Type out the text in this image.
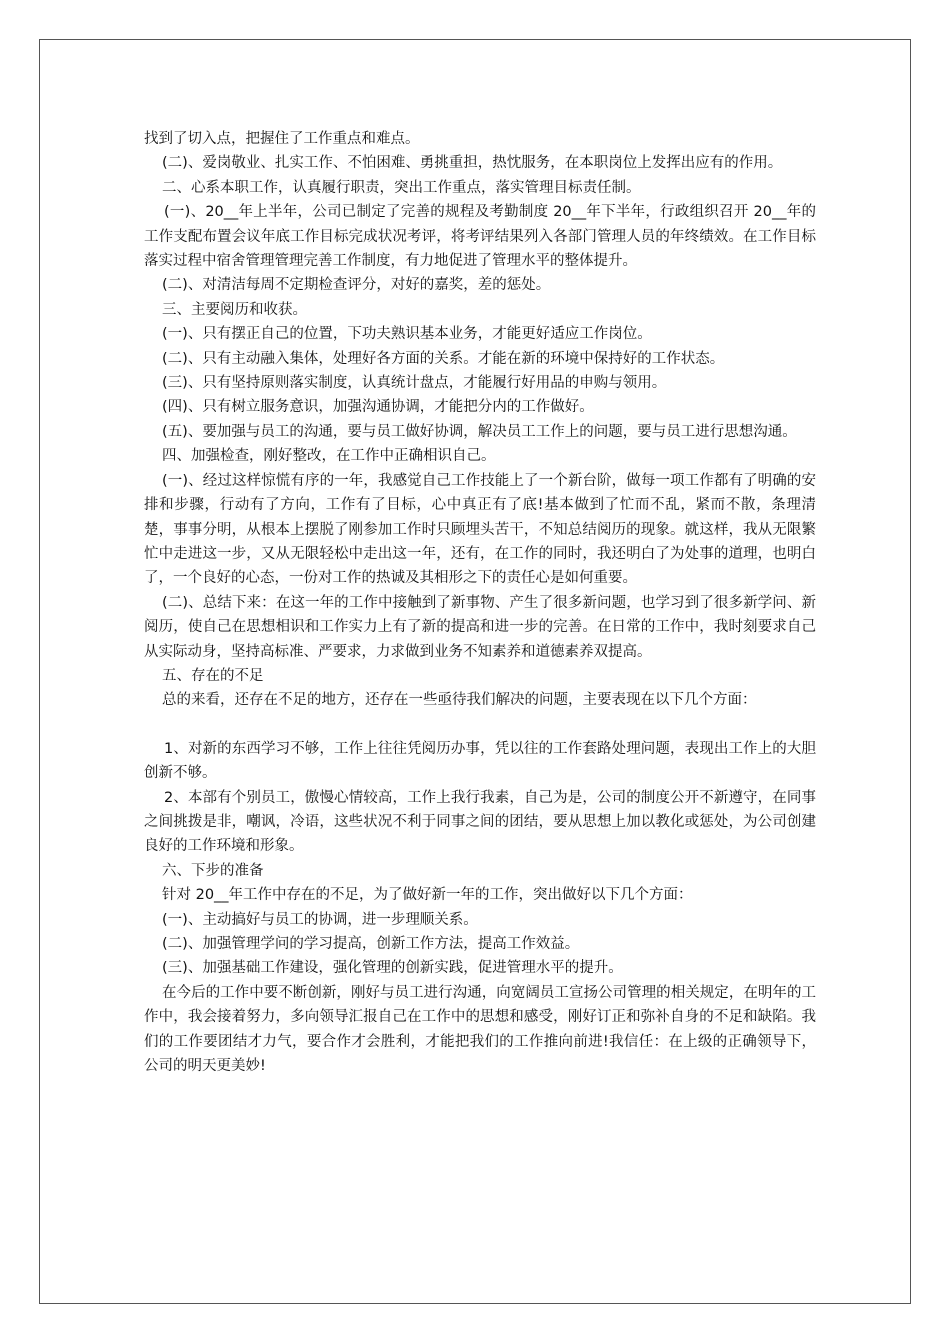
找到了切入点，把握住了工作重点和难点。

(二)、爱岗敬业、扎实工作、不怕困难、勇挑重担，热忱服务，在本职岗位上发挥出应有的作用。

二、心系本职工作，认真履行职责，突出工作重点，落实管理目标责任制。

(一)、20__年上半年，公司已制定了完善的规程及考勤制度 20__年下半年，行政组织召开 20__年的工作支配布置会议年底工作目标完成状况考评，将考评结果列入各部门管理人员的年终绩效。在工作目标落实过程中宿舍管理管理完善工作制度，有力地促进了管理水平的整体提升。

(二)、对清洁每周不定期检查评分，对好的嘉奖，差的惩处。

三、主要阅历和收获。

(一)、只有摆正自己的位置，下功夫熟识基本业务，才能更好适应工作岗位。

(二)、只有主动融入集体，处理好各方面的关系。才能在新的环境中保持好的工作状态。

(三)、只有坚持原则落实制度，认真统计盘点，才能履行好用品的申购与领用。

(四)、只有树立服务意识，加强沟通协调，才能把分内的工作做好。

(五)、要加强与员工的沟通，要与员工做好协调，解决员工工作上的问题，要与员工进行思想沟通。

四、加强检查，刚好整改，在工作中正确相识自己。

(一)、经过这样惊慌有序的一年，我感觉自己工作技能上了一个新台阶，做每一项工作都有了明确的安排和步骤，行动有了方向，工作有了目标，心中真正有了底!基本做到了忙而不乱，紧而不散，条理清楚，事事分明，从根本上摆脱了刚参加工作时只顾埋头苦干，不知总结阅历的现象。就这样，我从无限繁忙中走进这一步，又从无限轻松中走出这一年，还有，在工作的同时，我还明白了为处事的道理，也明白了，一个良好的心态，一份对工作的热诚及其相形之下的责任心是如何重要。

(二)、总结下来：在这一年的工作中接触到了新事物、产生了很多新问题，也学习到了很多新学问、新阅历，使自己在思想相识和工作实力上有了新的提高和进一步的完善。在日常的工作中，我时刻要求自己从实际动身，坚持高标准、严要求，力求做到业务不知素养和道德素养双提高。

五、存在的不足

总的来看，还存在不足的地方，还存在一些亟待我们解决的问题，主要表现在以下几个方面：

1、对新的东西学习不够，工作上往往凭阅历办事，凭以往的工作套路处理问题，表现出工作上的大胆创新不够。

2、本部有个别员工，傲慢心情较高，工作上我行我素，自己为是，公司的制度公开不新遵守，在同事之间挑拨是非，嘲讽，冷语，这些状况不利于同事之间的团结，要从思想上加以教化或惩处，为公司创建良好的工作环境和形象。

六、下步的准备

针对 20__年工作中存在的不足，为了做好新一年的工作，突出做好以下几个方面：

(一)、主动搞好与员工的协调，进一步理顺关系。

(二)、加强管理学问的学习提高，创新工作方法，提高工作效益。

(三)、加强基础工作建设，强化管理的创新实践，促进管理水平的提升。

在今后的工作中要不断创新，刚好与员工进行沟通，向宽阔员工宣扬公司管理的相关规定，在明年的工作中，我会接着努力，多向领导汇报自己在工作中的思想和感受，刚好订正和弥补自身的不足和缺陷。我们的工作要团结才力气，要合作才会胜利，才能把我们的工作推向前进!我信任：在上级的正确领导下，公司的明天更美妙!
